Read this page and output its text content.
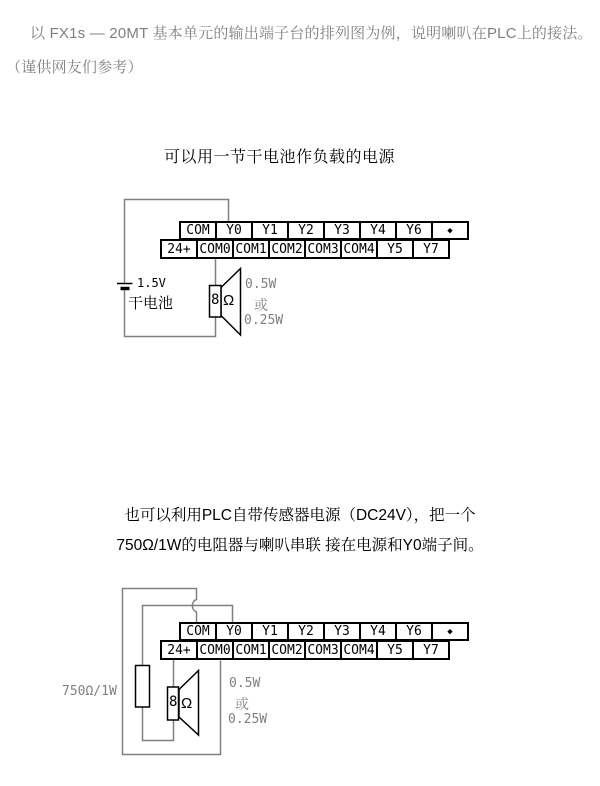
以 FX1s — 20MT 基本单元的输出端子台的排列图为例，说明喇叭在PLC上的接法。
（谨供网友们参考）
可以用一节干电池作负载的电源
COM	Y0	Y1	Y2	Y3	Y4	Y6	◆
24+ COM0 COM1 COM2 COM3 COM4 Y5	Y7
1.5V
干电池	8 Ω
0.5W
或
0.25W
也可以利用PLC自带传感器电源（DC24V），把一个
750Ω/1W的电阻器与喇叭串联 接在电源和Y0端子间。
COM	Y0	Y1	Y2	Y3	Y4	Y6	◆
24+ COM0 COM1 COM2 COM3 COM4 Y5	Y7
750Ω/1W
8 Ω
0.5W
或
0.25W
